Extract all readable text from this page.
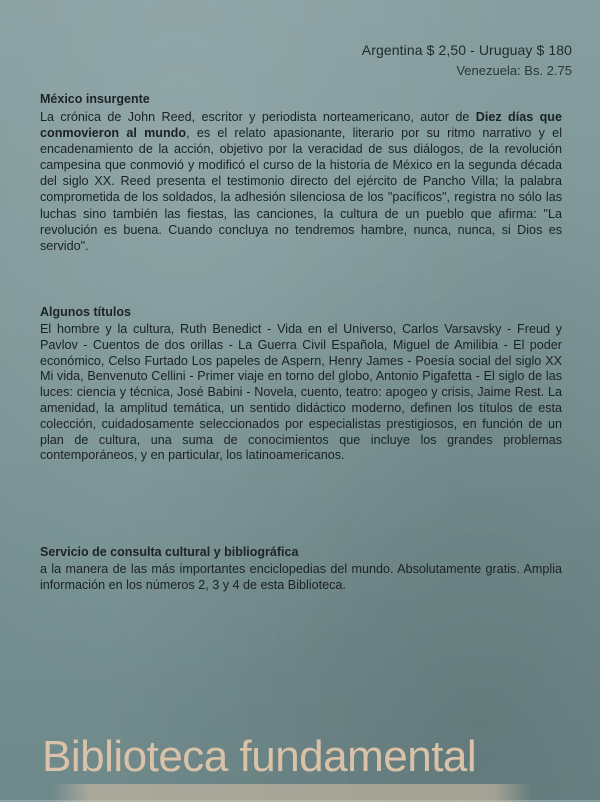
Argentina $ 2,50 - Uruguay $ 180
Venezuela: Bs. 2.75
México insurgente

La crónica de John Reed, escritor y periodista norteamericano, autor de Diez días que conmovieron al mundo, es el relato apasionante, literario por su ritmo narrativo y el encadenamiento de la acción, objetivo por la veracidad de sus diálogos, de la revolución campesina que conmovió y modificó el curso de la historia de México en la segunda década del siglo XX. Reed presenta el testimonio directo del ejército de Pancho Villa; la palabra comprometida de los soldados, la adhesión silenciosa de los "pacíficos", registra no sólo las luchas sino también las fiestas, las canciones, la cultura de un pueblo que afirma: "La revolución es buena. Cuando concluya no tendremos hambre, nunca, nunca, si Dios es servido".

Algunos títulos

El hombre y la cultura, Ruth Benedict - Vida en el Universo, Carlos Varsavsky - Freud y Pavlov - Cuentos de dos orillas - La Guerra Civil Española, Miguel de Amilibia - El poder económico, Celso Furtado Los papeles de Aspern, Henry James - Poesía social del siglo XX Mi vida, Benvenuto Cellini - Primer viaje en torno del globo, Antonio Pigafetta - El siglo de las luces: ciencia y técnica, José Babini - Novela, cuento, teatro: apogeo y crisis, Jaime Rest. La amenidad, la amplitud temática, un sentido didáctico moderno, definen los títulos de esta colección, cuidadosamente seleccionados por especialistas prestigiosos, en función de un plan de cultura, una suma de conocimientos que incluye los grandes problemas contemporáneos, y en particular, los latinoamericanos.

Servicio de consulta cultural y bibliográfica

a la manera de las más importantes enciclopedias del mundo. Absolutamente gratis. Amplia información en los números 2, 3 y 4 de esta Biblioteca.

Biblioteca fundamental
